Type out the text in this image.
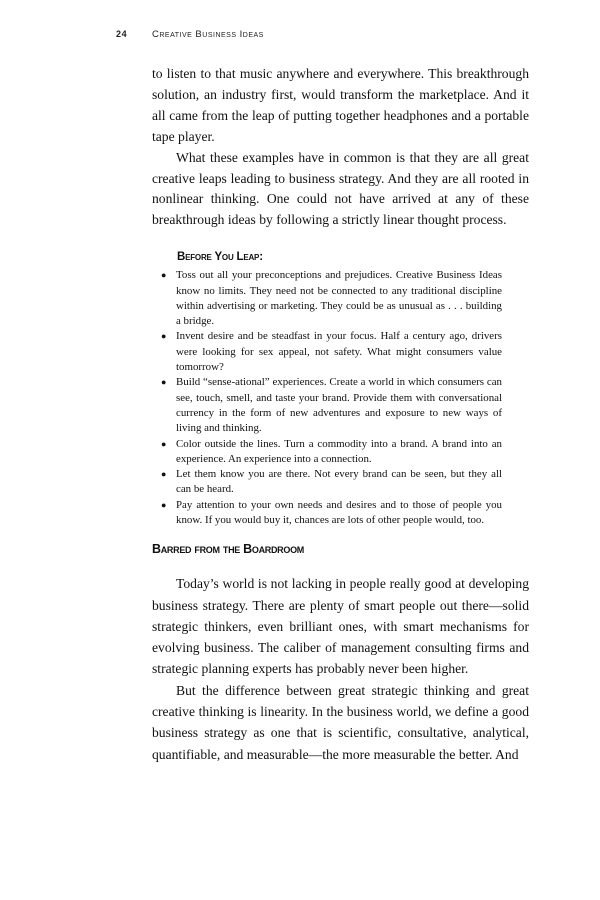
24	Creative Business Ideas

to listen to that music anywhere and everywhere. This breakthrough solution, an industry first, would transform the marketplace. And it all came from the leap of putting together headphones and a portable tape player.

What these examples have in common is that they are all great creative leaps leading to business strategy. And they are all rooted in nonlinear thinking. One could not have arrived at any of these breakthrough ideas by following a strictly linear thought process.

Before You Leap:
● Toss out all your preconceptions and prejudices. Creative Business Ideas know no limits. They need not be connected to any traditional discipline within advertising or marketing. They could be as unusual as . . . building a bridge.
● Invent desire and be steadfast in your focus. Half a century ago, drivers were looking for sex appeal, not safety. What might consumers value tomorrow?
● Build “sense-ational” experiences. Create a world in which consumers can see, touch, smell, and taste your brand. Provide them with conversational currency in the form of new adventures and exposure to new ways of living and thinking.
● Color outside the lines. Turn a commodity into a brand. A brand into an experience. An experience into a connection.
● Let them know you are there. Not every brand can be seen, but they all can be heard.
● Pay attention to your own needs and desires and to those of people you know. If you would buy it, chances are lots of other people would, too.
Barred from the Boardroom

Today’s world is not lacking in people really good at developing business strategy. There are plenty of smart people out there—solid strategic thinkers, even brilliant ones, with smart mechanisms for evolving business. The caliber of management consulting firms and strategic planning experts has probably never been higher.

But the difference between great strategic thinking and great creative thinking is linearity. In the business world, we define a good business strategy as one that is scientific, consultative, analytical, quantifiable, and measurable—the more measurable the better. And
